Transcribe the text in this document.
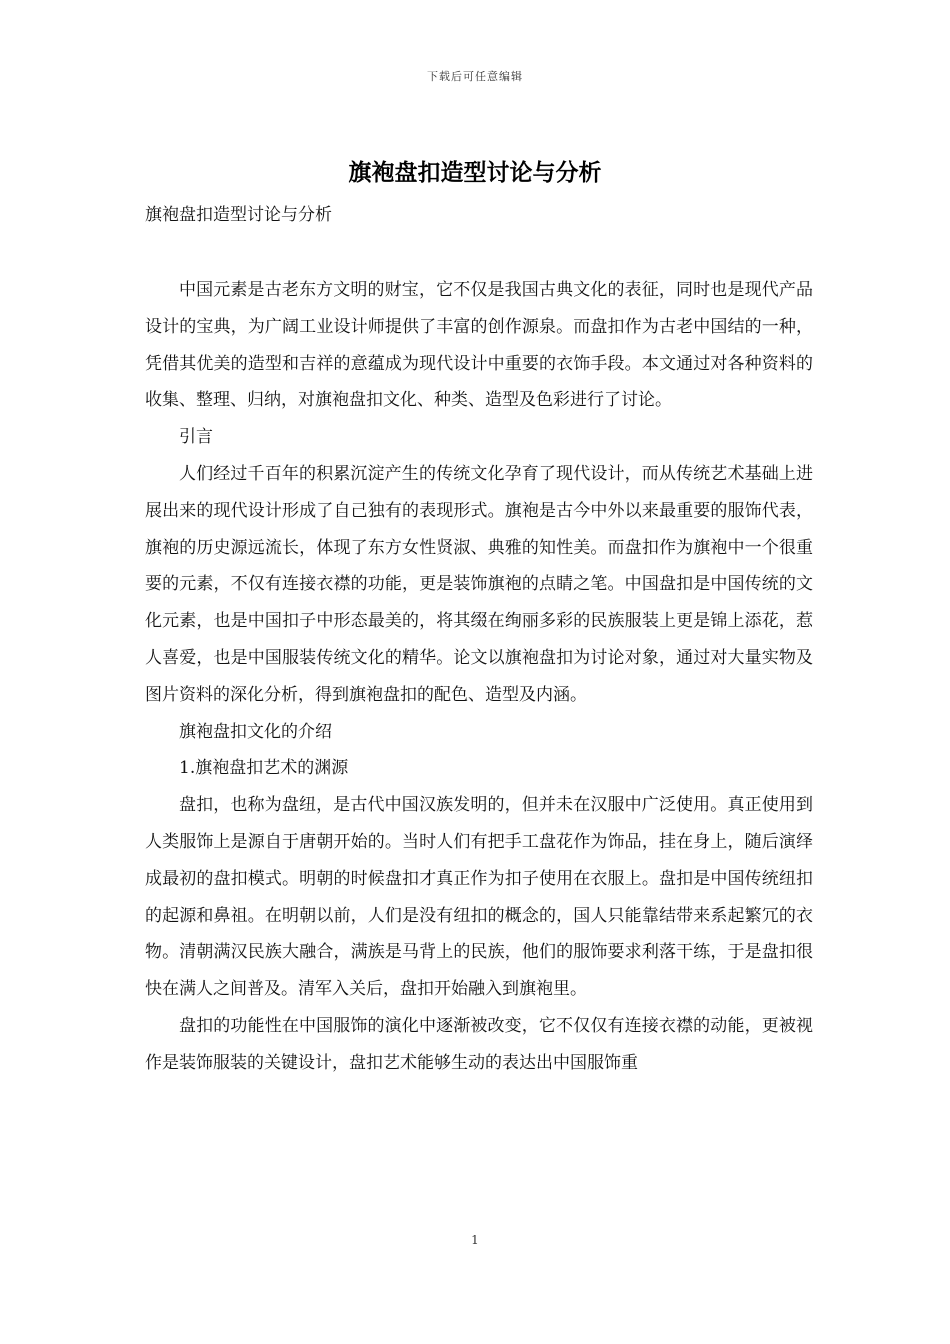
下载后可任意编辑
旗袍盘扣造型讨论与分析

旗袍盘扣造型讨论与分析

中国元素是古老东方文明的财宝，它不仅是我国古典文化的表征，同时也是现代产品设计的宝典，为广阔工业设计师提供了丰富的创作源泉。而盘扣作为古老中国结的一种，凭借其优美的造型和吉祥的意蕴成为现代设计中重要的衣饰手段。本文通过对各种资料的收集、整理、归纳，对旗袍盘扣文化、种类、造型及色彩进行了讨论。

引言

人们经过千百年的积累沉淀产生的传统文化孕育了现代设计，而从传统艺术基础上进展出来的现代设计形成了自己独有的表现形式。旗袍是古今中外以来最重要的服饰代表，旗袍的历史源远流长，体现了东方女性贤淑、典雅的知性美。而盘扣作为旗袍中一个很重要的元素，不仅有连接衣襟的功能，更是装饰旗袍的点睛之笔。中国盘扣是中国传统的文化元素，也是中国扣子中形态最美的，将其缀在绚丽多彩的民族服装上更是锦上添花，惹人喜爱，也是中国服装传统文化的精华。论文以旗袍盘扣为讨论对象，通过对大量实物及图片资料的深化分析，得到旗袍盘扣的配色、造型及内涵。

旗袍盘扣文化的介绍

1.旗袍盘扣艺术的渊源

盘扣，也称为盘纽，是古代中国汉族发明的，但并未在汉服中广泛使用。真正使用到人类服饰上是源自于唐朝开始的。当时人们有把手工盘花作为饰品，挂在身上，随后演绎成最初的盘扣模式。明朝的时候盘扣才真正作为扣子使用在衣服上。盘扣是中国传统纽扣的起源和鼻祖。在明朝以前，人们是没有纽扣的概念的，国人只能靠结带来系起繁冗的衣物。清朝满汉民族大融合，满族是马背上的民族，他们的服饰要求利落干练，于是盘扣很快在满人之间普及。清军入关后，盘扣开始融入到旗袍里。

盘扣的功能性在中国服饰的演化中逐渐被改变，它不仅仅有连接衣襟的动能，更被视作是装饰服装的关键设计，盘扣艺术能够生动的表达出中国服饰重

1
